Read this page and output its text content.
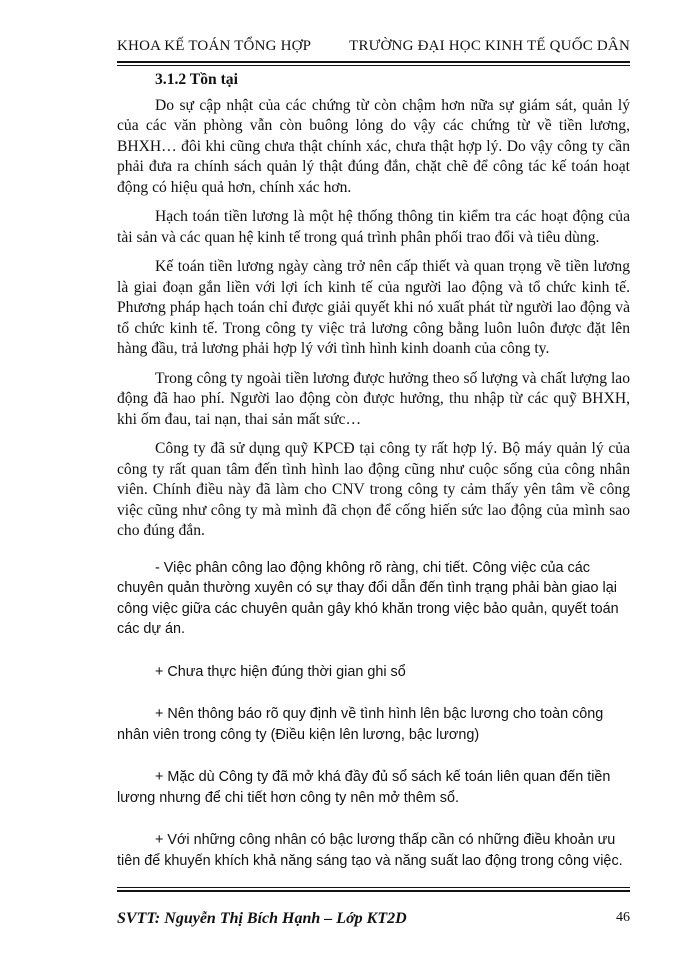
KHOA KẾ TOÁN TỔNG HỢP	TRƯỜNG ĐẠI HỌC KINH TẾ QUỐC DÂN
3.1.2 Tồn tại

Do sự cập nhật của các chứng từ còn chậm hơn nữa sự giám sát, quản lý của các văn phòng vẫn còn buông lỏng do vậy các chứng từ về tiền lương, BHXH… đôi khi cũng chưa thật chính xác, chưa thật hợp lý. Do vậy công ty cần phải đưa ra chính sách quản lý thật đúng đắn, chặt chẽ để công tác kế toán hoạt động có hiệu quả hơn, chính xác hơn.

Hạch toán tiền lương là một hệ thống thông tin kiểm tra các hoạt động của tài sản và các quan hệ kinh tế trong quá trình phân phối trao đổi và tiêu dùng.

Kế toán tiền lương ngày càng trở nên cấp thiết và quan trọng về tiền lương là giai đoạn gắn liền với lợi ích kinh tế của người lao động và tổ chức kinh tế. Phương pháp hạch toán chỉ được giải quyết khi nó xuất phát từ người lao động và tổ chức kinh tế. Trong công ty việc trả lương công bằng luôn luôn được đặt lên hàng đầu, trả lương phải hợp lý với tình hình kinh doanh của công ty.

Trong công ty ngoài tiền lương được hưởng theo số lượng và chất lượng lao động đã hao phí. Người lao động còn được hưởng, thu nhập từ các quỹ BHXH, khi ốm đau, tai nạn, thai sản mất sức…

Công ty đã sử dụng quỹ KPCĐ tại công ty rất hợp lý. Bộ máy quản lý của công ty rất quan tâm đến tình hình lao động cũng như cuộc sống của công nhân viên. Chính điều này đã làm cho CNV trong công ty cảm thấy yên tâm về công việc cũng như công ty mà mình đã chọn để cống hiến sức lao động của mình sao cho đúng đắn.

- Việc phân công lao động không rõ ràng, chi tiết. Công việc của các chuyên quản thường xuyên có sự thay đổi dẫn đến tình trạng phải bàn giao lại công việc giữa các chuyên quản gây khó khăn trong việc bảo quản, quyết toán các dự án.

+ Chưa thực hiện đúng thời gian ghi sổ

+ Nên thông báo rõ quy định về tình hình lên bậc lương cho toàn công nhân viên trong công ty (Điều kiện lên lương, bậc lương)

+ Mặc dù Công ty đã mở khá đầy đủ sổ sách kế toán liên quan đến tiền lương nhưng để chi tiết hơn công ty nên mở thêm sổ.

+ Với những công nhân có bậc lương thấp cần có những điều khoản ưu tiên để khuyến khích khả năng sáng tạo và năng suất lao động trong công việc.

SVTT: Nguyễn Thị Bích Hạnh – Lớp KT2D	46
